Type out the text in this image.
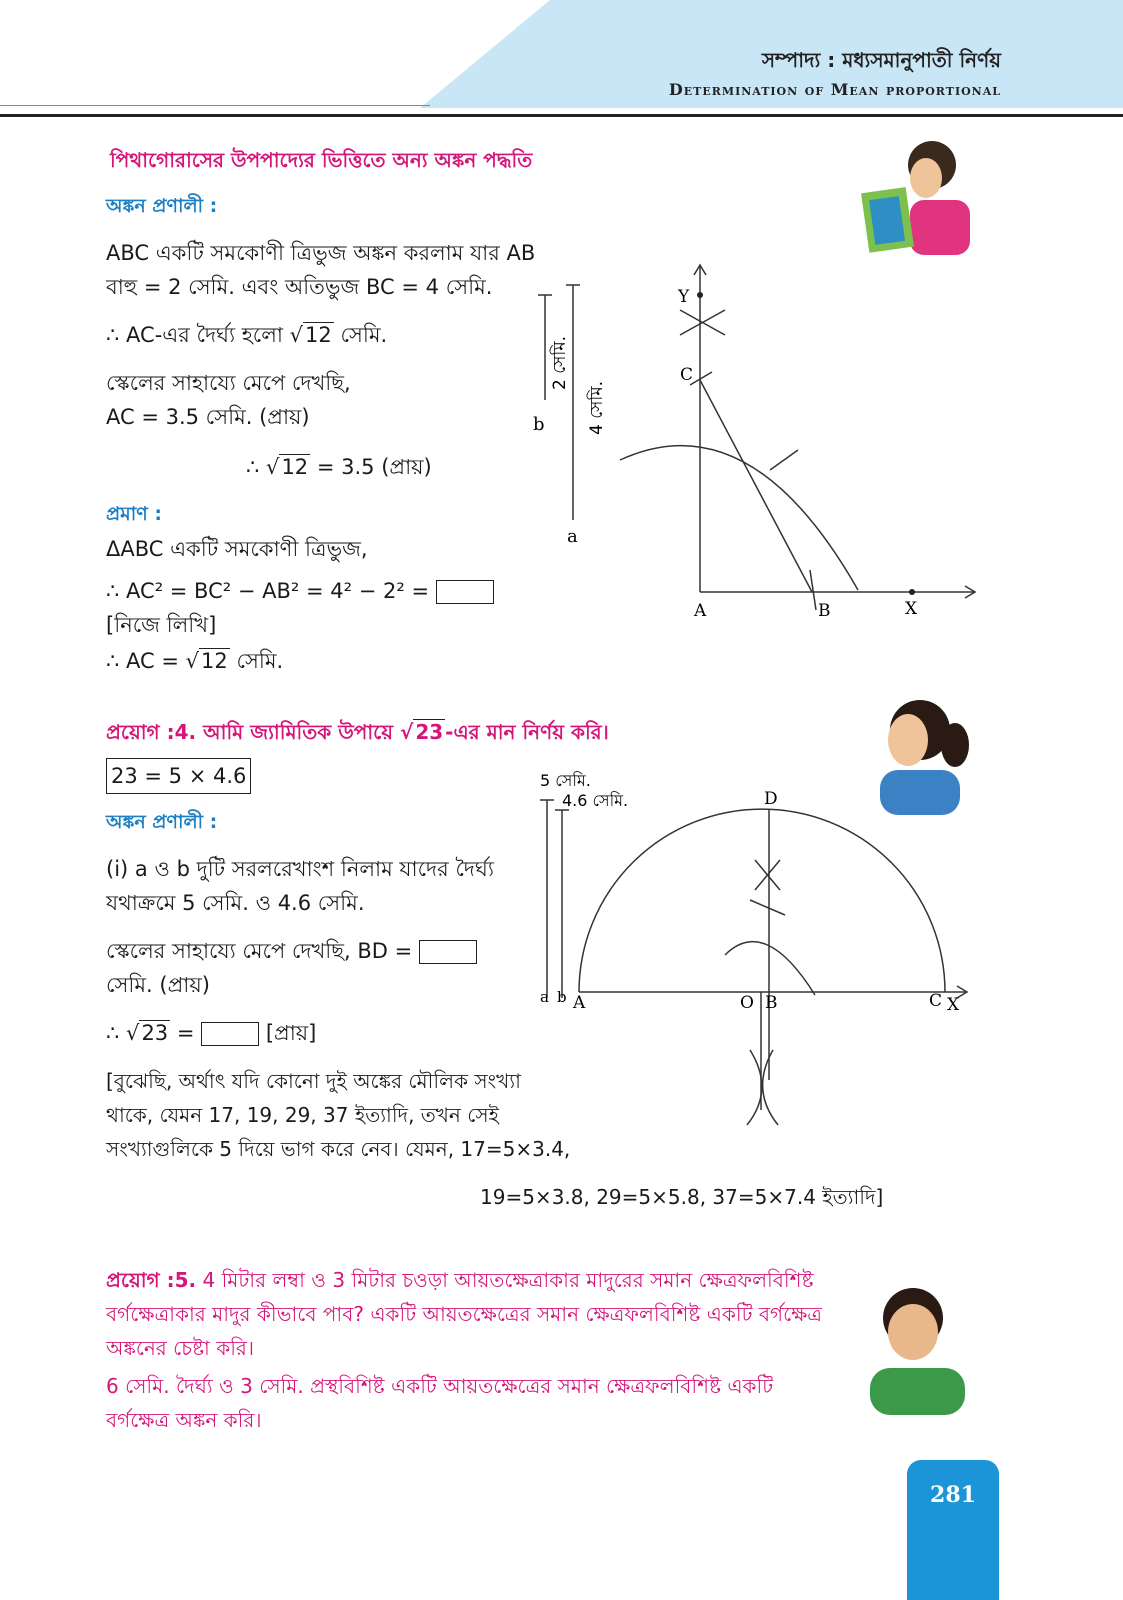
সম্পাদ্য : মধ্যসমানুপাতী নির্ণয়
Determination of Mean proportional
পিথাগোরাসের উপপাদ্যের ভিত্তিতে অন্য অঙ্কন পদ্ধতি
অঙ্কন প্রণালী :
ABC একটি সমকোণী ত্রিভুজ অঙ্কন করলাম যার AB
বাহু = 2 সেমি. এবং অতিভুজ BC = 4 সেমি.
∴ AC-এর দৈর্ঘ্য হলো √12 সেমি.
স্কেলের সাহায্যে মেপে দেখছি,
AC = 3.5 সেমি. (প্রায়)
∴ √12 = 3.5 (প্রায়)
প্রমাণ :
ΔABC একটি সমকোণী ত্রিভুজ,
∴ AC² = BC² − AB² = 4² − 2² =
[নিজে লিখি]
∴ AC = √12 সেমি.
Y
C
A	B	X
b
a
2 সেমি.
4 সেমি.
প্রয়োগ :4. আমি জ্যামিতিক উপায়ে √ 23 -এর মান নির্ণয় করি।
23 = 5 × 4.6
অঙ্কন প্রণালী :
(i) a ও b দুটি সরলরেখাংশ নিলাম যাদের দৈর্ঘ্য
যথাক্রমে 5 সেমি. ও 4.6 সেমি.
স্কেলের সাহায্যে মেপে দেখছি, BD =
সেমি. (প্রায়)
∴ √23 =	[প্রায়]
[বুঝেছি, অর্থাৎ যদি কোনো দুই অঙ্কের মৌলিক সংখ্যা
থাকে, যেমন 17, 19, 29, 37 ইত্যাদি, তখন সেই
সংখ্যাগুলিকে 5 দিয়ে ভাগ করে নেব। যেমন, 17=5×3.4,
19=5×3.8, 29=5×5.8, 37=5×7.4 ইত্যাদি]
5 সেমি.
4.6 সেমি.	D
a b A	O B	C X
প্রয়োগ :5. 4 মিটার লম্বা ও 3 মিটার চওড়া আয়তক্ষেত্রাকার মাদুরের সমান ক্ষেত্রফলবিশিষ্ট
বর্গক্ষেত্রাকার মাদুর কীভাবে পাব? একটি আয়তক্ষেত্রের সমান ক্ষেত্রফলবিশিষ্ট একটি বর্গক্ষেত্র
অঙ্কনের চেষ্টা করি।
6 সেমি. দৈর্ঘ্য ও 3 সেমি. প্রস্থবিশিষ্ট একটি আয়তক্ষেত্রের সমান ক্ষেত্রফলবিশিষ্ট একটি
বর্গক্ষেত্র অঙ্কন করি।
281
